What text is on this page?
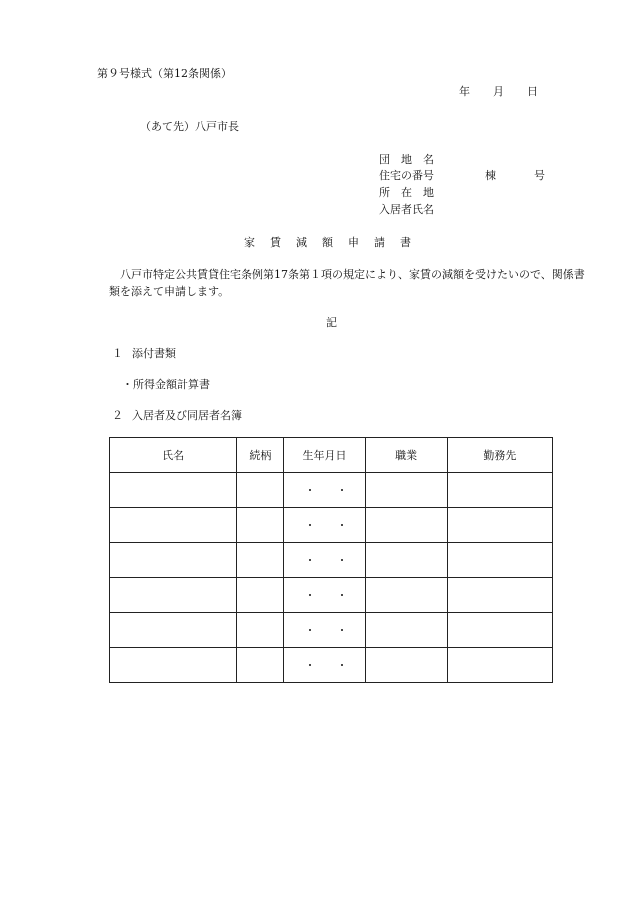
第９号様式（第12条関係）
年 月 日
（あて先）八戸市長
団 地 名
住宅の番号	棟	号
所 在 地
入居者氏名
家 賃 減 額 申 請 書
八戸市特定公共賃貸住宅条例第17条第１項の規定により、家賃の減額を受けたいので、関係書類を添えて申請します。
記
１ 添付書類
・所得金額計算書
２ 入居者及び同居者名簿
氏名	続柄	生年月日	職業	勤務先
		・ ・		
		・ ・		
		・ ・		
		・ ・		
		・ ・		
		・ ・		
